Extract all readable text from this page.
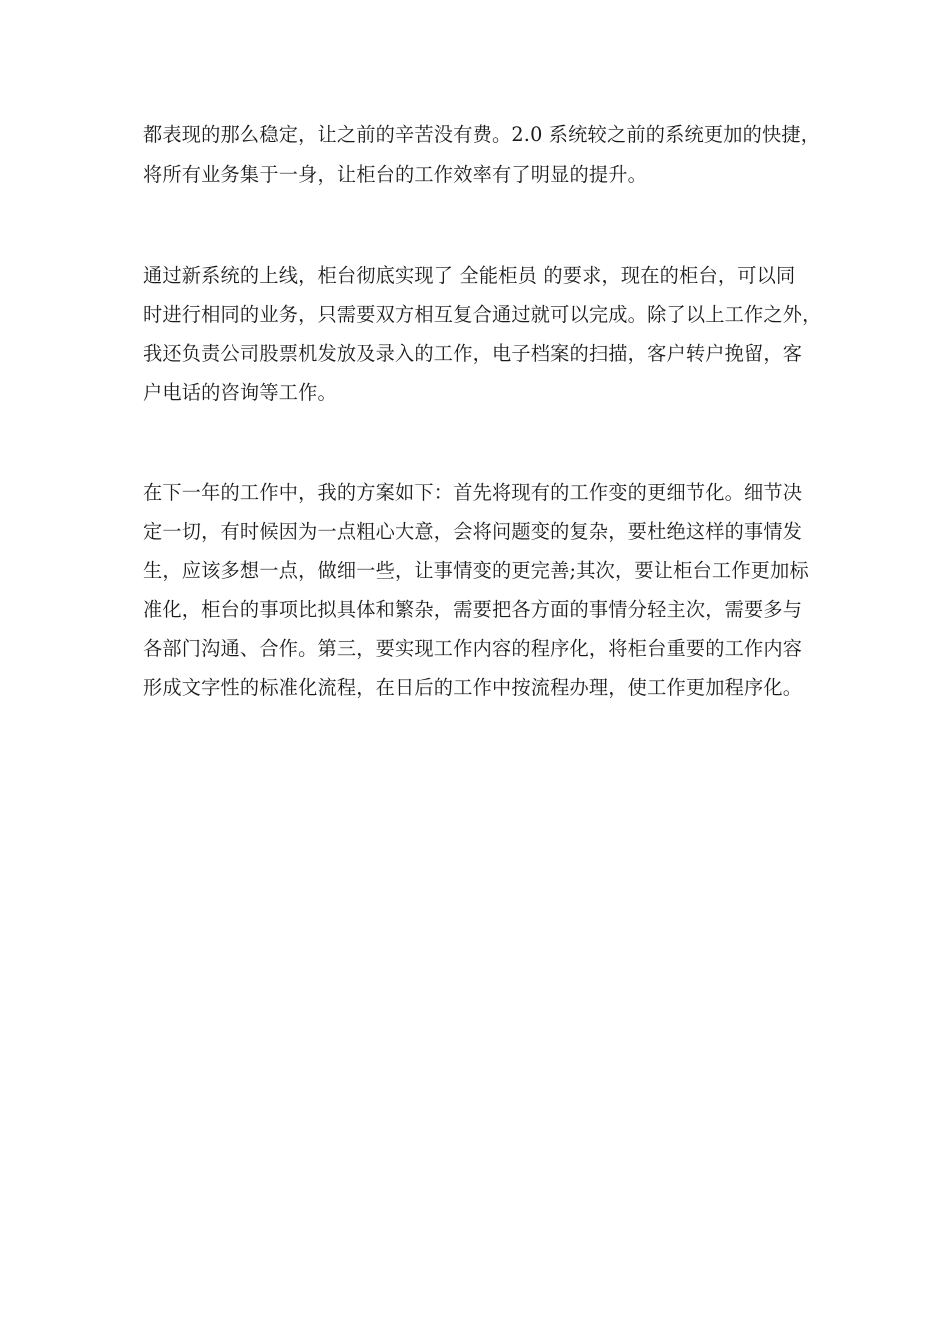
都表现的那么稳定，让之前的辛苦没有费。2.0 系统较之前的系统更加的快捷，
将所有业务集于一身，让柜台的工作效率有了明显的提升。
通过新系统的上线，柜台彻底实现了 全能柜员 的要求，现在的柜台，可以同
时进行相同的业务，只需要双方相互复合通过就可以完成。除了以上工作之外，
我还负责公司股票机发放及录入的工作，电子档案的扫描，客户转户挽留，客
户电话的咨询等工作。
在下一年的工作中，我的方案如下：首先将现有的工作变的更细节化。细节决
定一切，有时候因为一点粗心大意，会将问题变的复杂，要杜绝这样的事情发
生，应该多想一点，做细一些，让事情变的更完善;其次，要让柜台工作更加标
准化，柜台的事项比拟具体和繁杂，需要把各方面的事情分轻主次，需要多与
各部门沟通、合作。第三，要实现工作内容的程序化，将柜台重要的工作内容
形成文字性的标准化流程，在日后的工作中按流程办理，使工作更加程序化。
